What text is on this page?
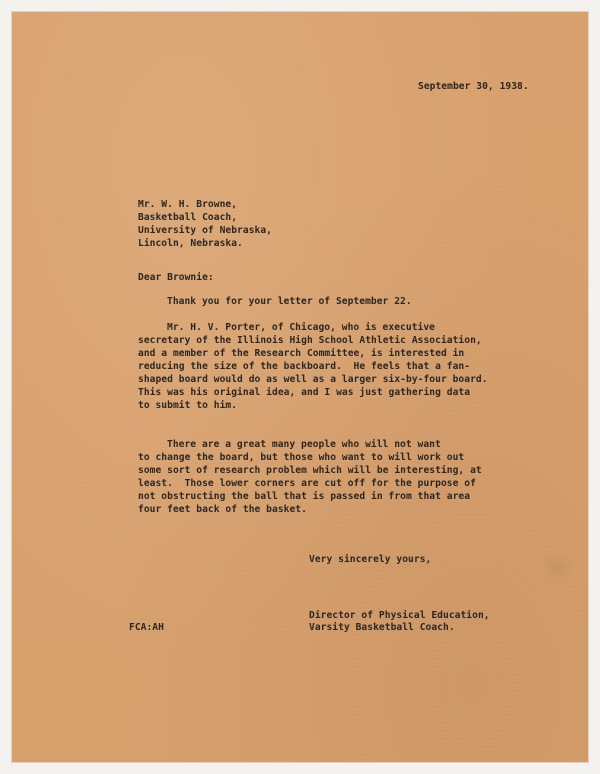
September 30, 1938.
Mr. W. H. Browne,
Basketball Coach,
University of Nebraska,
Lincoln, Nebraska.
Dear Brownie:
Thank you for your letter of September 22.
Mr. H. V. Porter, of Chicago, who is executive
secretary of the Illinois High School Athletic Association,
and a member of the Research Committee, is interested in
reducing the size of the backboard.  He feels that a fan-
shaped board would do as well as a larger six-by-four board.
This was his original idea, and I was just gathering data
to submit to him.
There are a great many people who will not want
to change the board, but those who want to will work out
some sort of research problem which will be interesting, at
least.  Those lower corners are cut off for the purpose of
not obstructing the ball that is passed in from that area
four feet back of the basket.
Very sincerely yours,
FCA:AH
Director of Physical Education,
Varsity Basketball Coach.
